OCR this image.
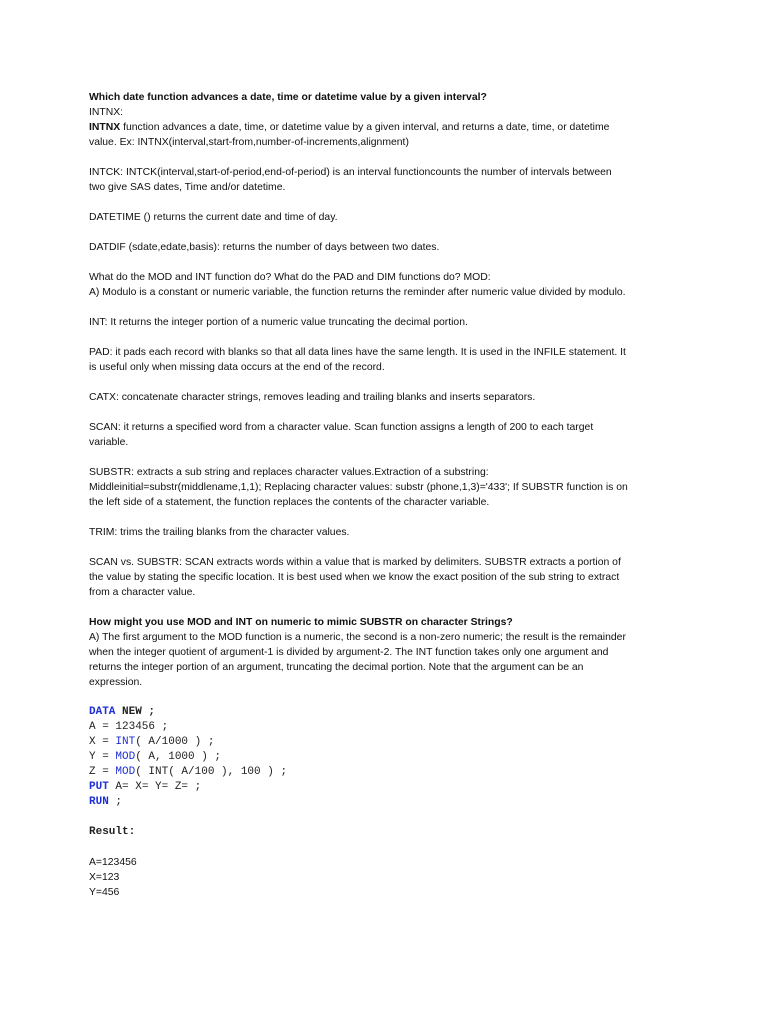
Which date function advances a date, time or datetime value by a given interval?

INTNX:

INTNX function advances a date, time, or datetime value by a given interval, and returns a date, time, or datetime

value. Ex: INTNX(interval,start-from,number-of-increments,alignment)

INTCK: INTCK(interval,start-of-period,end-of-period) is an interval functioncounts the number of intervals between

two give SAS dates, Time and/or datetime.

DATETIME () returns the current date and time of day.

DATDIF (sdate,edate,basis): returns the number of days between two dates.

What do the MOD and INT function do? What do the PAD and DIM functions do? MOD:

A) Modulo is a constant or numeric variable, the function returns the reminder after numeric value divided by modulo.

INT: It returns the integer portion of a numeric value truncating the decimal portion.

PAD: it pads each record with blanks so that all data lines have the same length. It is used in the INFILE statement. It

is useful only when missing data occurs at the end of the record.

CATX: concatenate character strings, removes leading and trailing blanks and inserts separators.

SCAN: it returns a specified word from a character value. Scan function assigns a length of 200 to each target

variable.

SUBSTR: extracts a sub string and replaces character values.Extraction of a substring:

Middleinitial=substr(middlename,1,1); Replacing character values: substr (phone,1,3)='433'; If SUBSTR function is on

the left side of a statement, the function replaces the contents of the character variable.

TRIM: trims the trailing blanks from the character values.

SCAN vs. SUBSTR: SCAN extracts words within a value that is marked by delimiters. SUBSTR extracts a portion of

the value by stating the specific location. It is best used when we know the exact position of the sub string to extract

from a character value.

How might you use MOD and INT on numeric to mimic SUBSTR on character Strings?

A) The first argument to the MOD function is a numeric, the second is a non-zero numeric; the result is the remainder

when the integer quotient of argument-1 is divided by argument-2. The INT function takes only one argument and

returns the integer portion of an argument, truncating the decimal portion. Note that the argument can be an

expression.

DATA NEW ;
A = 123456 ;
X = INT( A/1000 ) ;
Y = MOD( A, 1000 ) ;
Z = MOD( INT( A/100 ), 100 ) ;
PUT A= X= Y= Z= ;
RUN ;
Result:

A=123456

X=123

Y=456
